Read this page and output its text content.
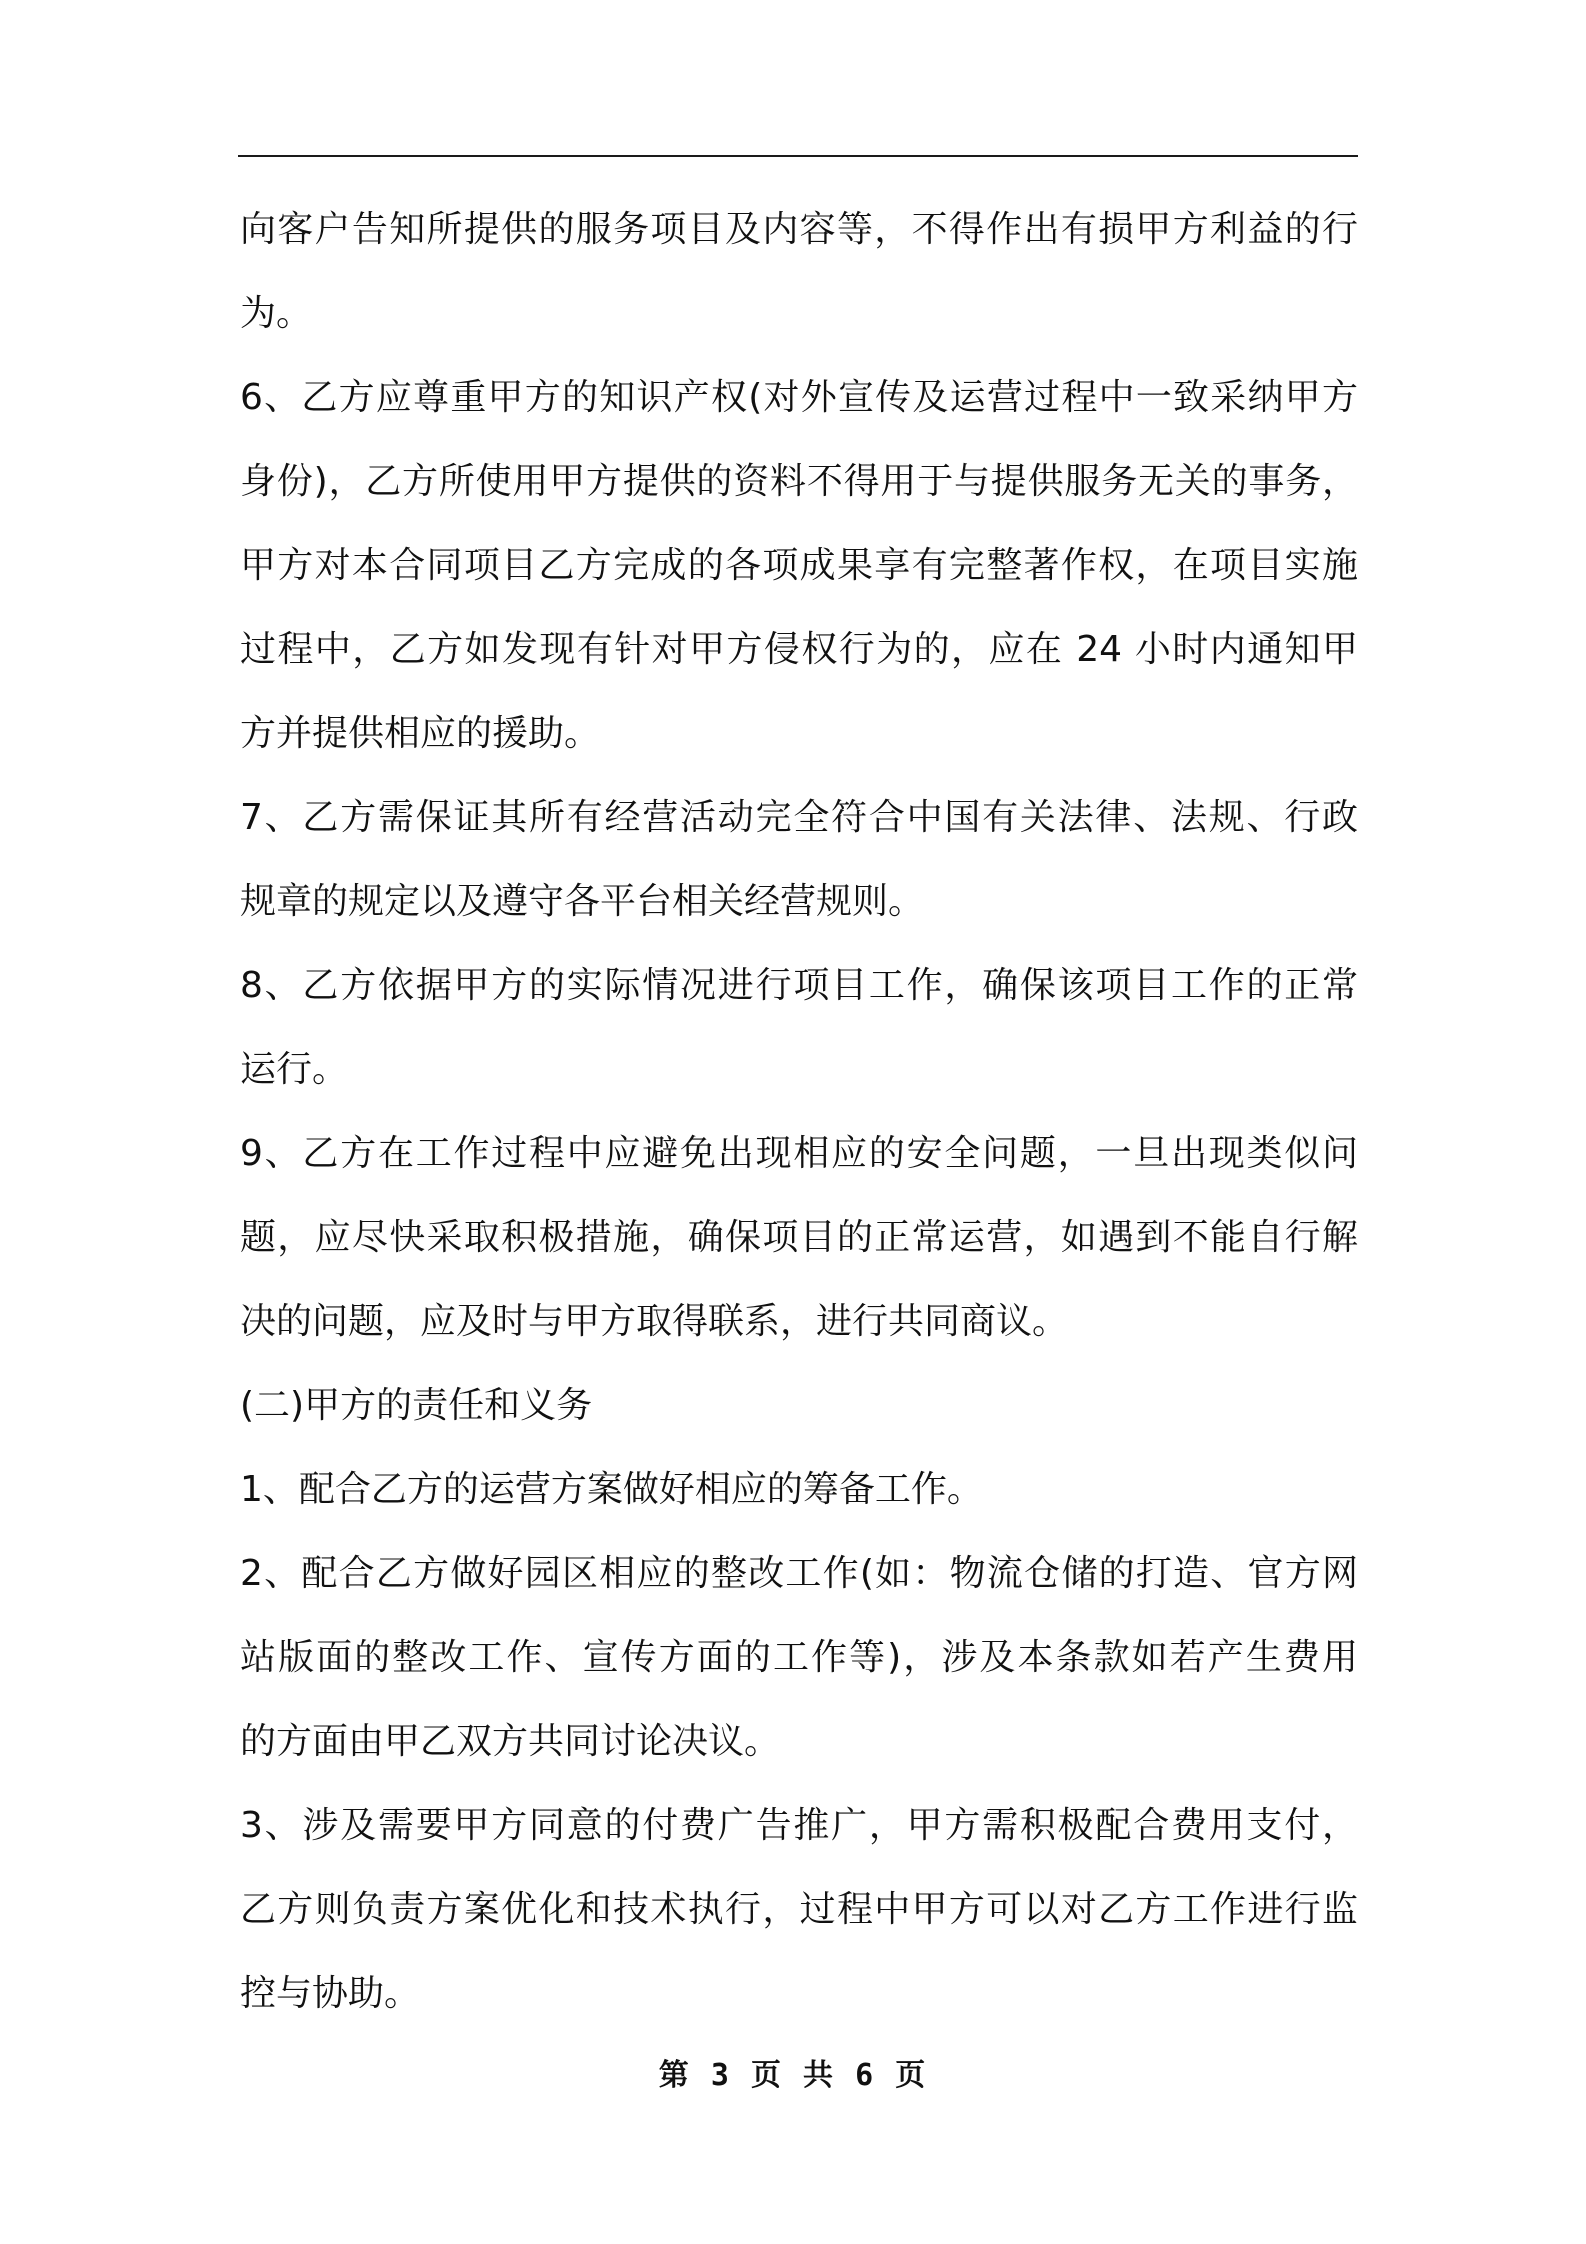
向客户告知所提供的服务项目及内容等，不得作出有损甲方利益的行
为。
6、乙方应尊重甲方的知识产权(对外宣传及运营过程中一致采纳甲方
身份)，乙方所使用甲方提供的资料不得用于与提供服务无关的事务，
甲方对本合同项目乙方完成的各项成果享有完整著作权，在项目实施
过程中，乙方如发现有针对甲方侵权行为的，应在 24 小时内通知甲
方并提供相应的援助。
7、乙方需保证其所有经营活动完全符合中国有关法律、法规、行政
规章的规定以及遵守各平台相关经营规则。
8、乙方依据甲方的实际情况进行项目工作，确保该项目工作的正常
运行。
9、乙方在工作过程中应避免出现相应的安全问题，一旦出现类似问
题，应尽快采取积极措施，确保项目的正常运营，如遇到不能自行解
决的问题，应及时与甲方取得联系，进行共同商议。
(二)甲方的责任和义务
1、配合乙方的运营方案做好相应的筹备工作。
2、配合乙方做好园区相应的整改工作(如：物流仓储的打造、官方网
站版面的整改工作、宣传方面的工作等)，涉及本条款如若产生费用
的方面由甲乙双方共同讨论决议。
3、涉及需要甲方同意的付费广告推广，甲方需积极配合费用支付，
乙方则负责方案优化和技术执行，过程中甲方可以对乙方工作进行监
控与协助。
第 3 页 共 6 页
